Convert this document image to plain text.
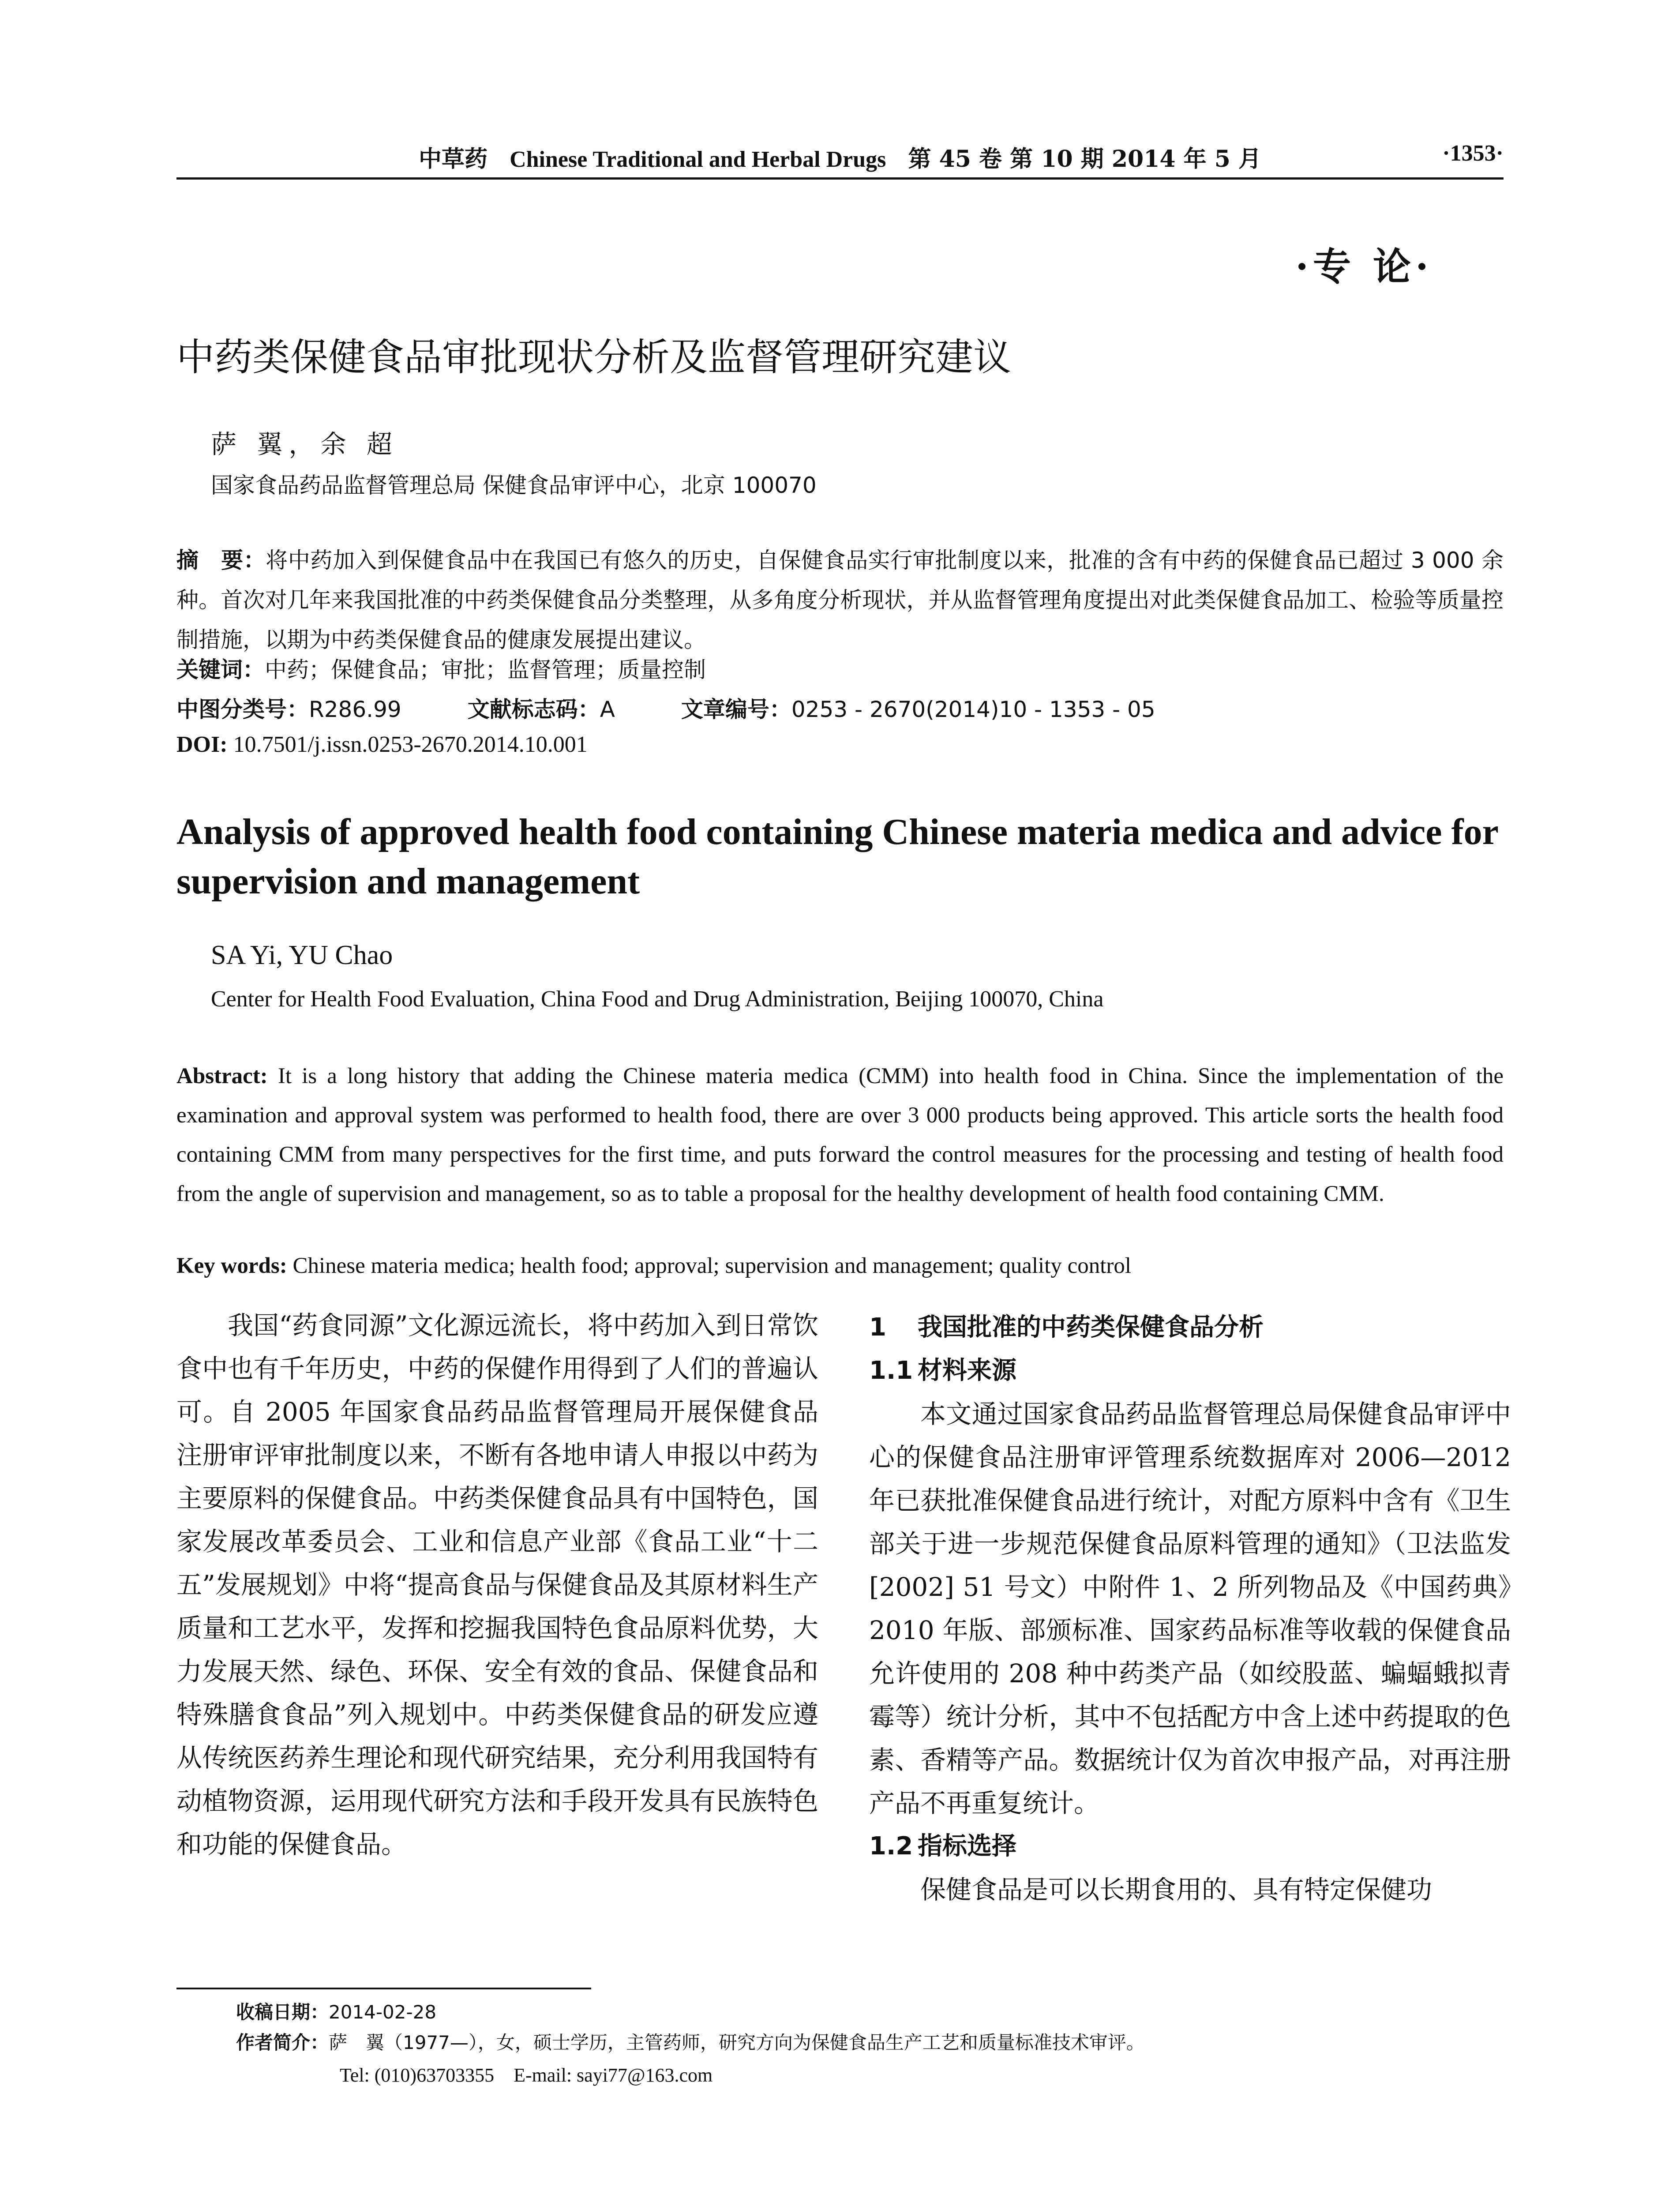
中草药 Chinese Traditional and Herbal Drugs 第 45 卷 第 10 期 2014 年 5 月	·1353·
·专 论·
中药类保健食品审批现状分析及监督管理研究建议
萨 翼，余 超
国家食品药品监督管理总局 保健食品审评中心，北京 100070
摘　要：将中药加入到保健食品中在我国已有悠久的历史，自保健食品实行审批制度以来，批准的含有中药的保健食品已超过 3 000 余种。首次对几年来我国批准的中药类保健食品分类整理，从多角度分析现状，并从监督管理角度提出对此类保健食品加工、检验等质量控制措施，以期为中药类保健食品的健康发展提出建议。
关键词：中药；保健食品；审批；监督管理；质量控制
中图分类号：R286.99	文献标志码：A	文章编号：0253 - 2670(2014)10 - 1353 - 05
DOI: 10.7501/j.issn.0253-2670.2014.10.001
Analysis of approved health food containing Chinese materia medica and advice for supervision and management
SA Yi, YU Chao
Center for Health Food Evaluation, China Food and Drug Administration, Beijing 100070, China
Abstract: It is a long history that adding the Chinese materia medica (CMM) into health food in China. Since the implementation of the examination and approval system was performed to health food, there are over 3 000 products being approved. This article sorts the health food containing CMM from many perspectives for the first time, and puts forward the control measures for the processing and testing of health food from the angle of supervision and management, so as to table a proposal for the healthy development of health food containing CMM.
Key words: Chinese materia medica; health food; approval; supervision and management; quality control

我国“药食同源”文化源远流长，将中药加入到日常饮食中也有千年历史，中药的保健作用得到了人们的普遍认可。自 2005 年国家食品药品监督管理局开展保健食品注册审评审批制度以来，不断有各地申请人申报以中药为主要原料的保健食品。中药类保健食品具有中国特色，国家发展改革委员会、工业和信息产业部《食品工业“十二五”发展规划》中将“提高食品与保健食品及其原材料生产质量和工艺水平，发挥和挖掘我国特色食品原料优势，大力发展天然、绿色、环保、安全有效的食品、保健食品和特殊膳食食品”列入规划中。中药类保健食品的研发应遵从传统医药养生理论和现代研究结果，充分利用我国特有动植物资源，运用现代研究方法和手段开发具有民族特色和功能的保健食品。

1 我国批准的中药类保健食品分析
1.1 材料来源

本文通过国家食品药品监督管理总局保健食品审评中心的保健食品注册审评管理系统数据库对 2006—2012 年已获批准保健食品进行统计，对配方原料中含有《卫生部关于进一步规范保健食品原料管理的通知》（卫法监发 [2002] 51 号文）中附件 1、2 所列物品及《中国药典》2010 年版、部颁标准、国家药品标准等收载的保健食品允许使用的 208 种中药类产品（如绞股蓝、蝙蝠蛾拟青霉等）统计分析，其中不包括配方中含上述中药提取的色素、香精等产品。数据统计仅为首次申报产品，对再注册产品不再重复统计。

1.2 指标选择

保健食品是可以长期食用的、具有特定保健功

收稿日期：2014-02-28
作者简介：萨　翼（1977—），女，硕士学历，主管药师，研究方向为保健食品生产工艺和质量标准技术审评。
Tel: (010)63703355　E-mail: sayi77@163.com
